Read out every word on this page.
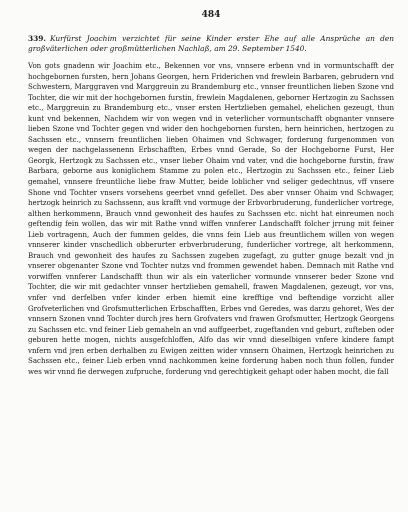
484

339. Kurfürst Joachim verzichtet für seine Kinder erster Ehe auf alle Ansprüche an den großväterlichen oder großmütterlichen Nachlaß, am 29. September 1540.

Von gots gnadenn wir Joachim etc., Bekennen vor vns, vnnsere erbenn vnd in vormuntschafft der hochgebornen fursten, hern Johans Georgen, hern Friderichen vnd frewlein Barbaren, gebrudern vnd Schwestern, Marggraven vnd Marggreuin zu Brandemburg etc., vnnser freuntlichen lieben Szone vnd Tochter, die wir mit der hochgebornen furstin, frewlein Magdalenen, geborner Hertzogin zu Sachssen etc., Marggreuin zu Brandemburg etc., vnser ersten Hertzlieben gemahel, ehelichen gezeugt, thun kunt vnd bekennen, Nachdem wir von wegen vnd in veterlicher vormuntschafft obgnanter vnnsere lieben Szone vnd Tochter gegen vnd wider den hochgebornen fursten, hern heinrichen, hertzogen zu Sachssen etc., vnnsern freuntlichen lieben Ohaimen vnd Schwager, forderung furgenommen von wegen der nachgelassenenn Erbschafften, Erbes vnnd Gerade, So der Hochgeborne Furst, Her Georgk, Hertzogk zu Sachssen etc., vnser lieber Ohaim vnd vater, vnd die hochgeborne furstin, fraw Barbara, geborne aus koniglichem Stamme zu polen etc., Hertzogin zu Sachssen etc., feiner Lieb gemahel, vnnsere freuntliche liebe fraw Mutter, beide loblicher vnd seliger gedechtnus, vff vnsere Shone vnd Tochter vnsers vorsehens geerbet vnnd gefellet. Des aber vnnser Ohaim vnd Schwager, hertzogk heinrich zu Sachssenn, aus krafft vnd vormuge der Erbvorbruderung, funderlicher vortrege, althen herkommenn, Brauch vnnd gewonheit des haufes zu Sachssen etc. nicht hat einreumen noch geftendig fein wollen, das wir mit Rathe vnnd wiffen vnnferer Landschafft folcher jrrung mit feiner Lieb vortragenn, Auch der fummen geldes, die vnns fein Lieb aus freuntlichem willen von wegen vnnserer kinder vnschedlich obberurter erbverbruderung, funderlicher vortrege, alt herkommenn, Brauch vnd gewonheit des haufes zu Sachssen zugeben zugefagt, zu gutter gnuge bezalt vnd jn vnserer obgenanter Szone vnd Tochter nutzs vnd frommen gewendet haben. Demnach mit Rathe vnd vorwiffen vnnferer Landschafft thun wir als ein vaterlicher vormunde vnnserer beder Szone vnd Tochter, die wir mit gedachter vnnser hertzlieben gemahell, frawen Magdalenen, gezeugt, vor vns, vnfer vnd derfelben vnfer kinder erben hiemit eine krefftige vnd beftendige vorzicht aller Grofveterlichen vnd Grofsmutterlichen Erbschafften, Erbes vnd Geredes, was darzu gehoret, Wes der vnnsern Szonen vnnd Tochter durch jres hern Grofvaters vnd frawen Grofsmutter, Hertzogk Georgens zu Sachssen etc. vnd feiner Lieb gemaheln an vnd auffgeerbet, zugeftanden vnd geburt, zufteben oder geburen hette mogen, nichts ausgefchloffen, Alfo das wir vnnd dieselbigen vnfere kindere fampt vnfern vnd jren erben derhalben zu Ewigen zeitten wider vnnsern Ohaimen, Hertzogk heinrichen zu Sachssen etc., feiner Lieb erben vnnd nachkommen keine forderung haben noch thun follen, funder wes wir vnnd fie derwegen zufpruche, forderung vnd gerechtigkeit gehapt oder haben mocht, die fall
